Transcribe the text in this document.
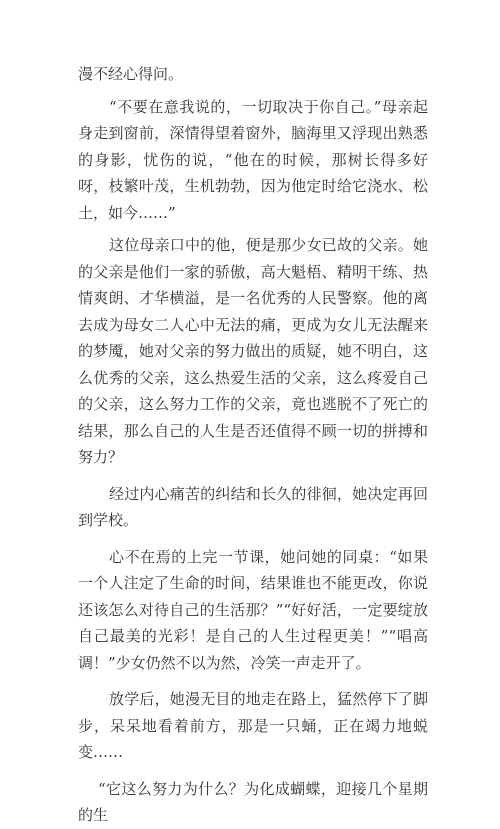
漫不经心得问。

“不要在意我说的，一切取决于你自己。”母亲起身走到窗前，深情得望着窗外，脑海里又浮现出熟悉的身影，忧伤的说，“他在的时候，那树长得多好呀，枝繁叶茂，生机勃勃，因为他定时给它浇水、松土，如今……”

这位母亲口中的他，便是那少女已故的父亲。她的父亲是他们一家的骄傲，高大魁梧、精明干练、热情爽朗、才华横溢，是一名优秀的人民警察。他的离去成为母女二人心中无法的痛，更成为女儿无法醒来的梦魇，她对父亲的努力做出的质疑，她不明白，这么优秀的父亲，这么热爱生活的父亲，这么疼爱自己的父亲，这么努力工作的父亲，竟也逃脱不了死亡的结果，那么自己的人生是否还值得不顾一切的拼搏和努力？

经过内心痛苦的纠结和长久的徘徊，她决定再回到学校。

心不在焉的上完一节课，她问她的同桌：“如果一个人注定了生命的时间，结果谁也不能更改，你说还该怎么对待自己的生活那？”“好好活，一定要绽放自己最美的光彩！是自己的人生过程更美！”“唱高调！”少女仍然不以为然，冷笑一声走开了。

放学后，她漫无目的地走在路上，猛然停下了脚步，呆呆地看着前方，那是一只蛹，正在竭力地蜕变……

“它这么努力为什么？为化成蝴蝶，迎接几个星期的生
